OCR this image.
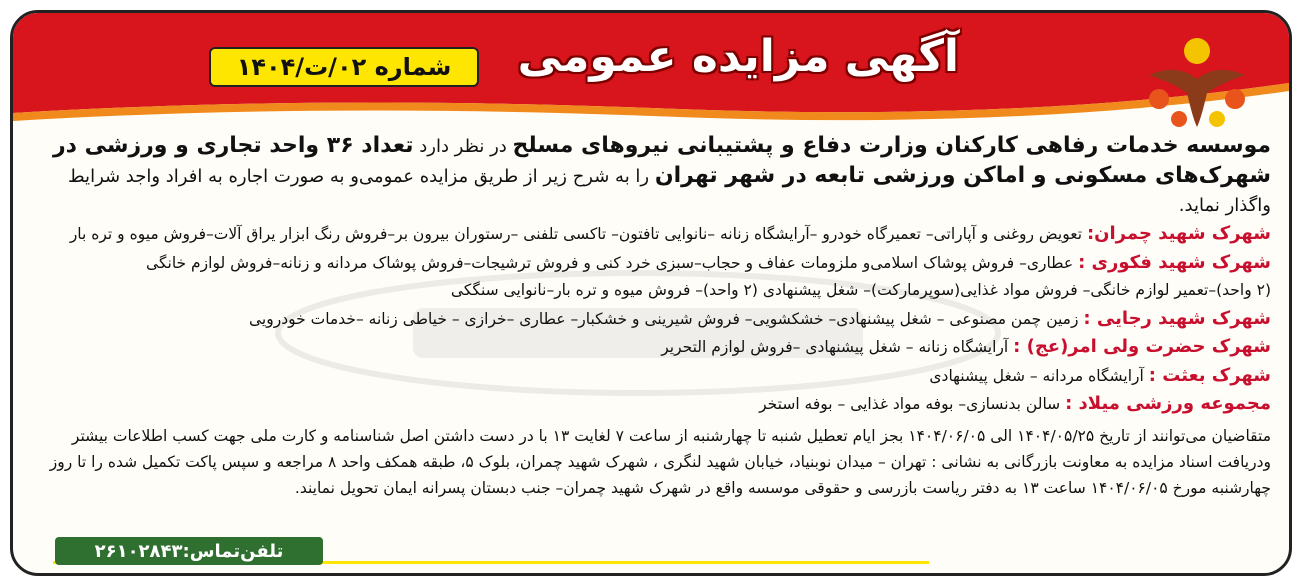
آگهی مزایده عمومی
شماره ۰۲/ت/۱۴۰۴

موسسه خدمات رفاهی کارکنان وزارت دفاع و پشتیبانی نیروهای مسلح در نظر دارد تعداد ۳۶ واحد تجاری و ورزشی در شهرک‌های مسکونی و اماکن ورزشی تابعه در شهر تهران را به شرح زیر از طریق مزایده عمومی‌و به صورت اجاره به افراد واجد شرایط واگذار نماید.

شهرک شهید چمران: تعویض روغنی و آپاراتی– تعمیرگاه خودرو –آرایشگاه زنانه –نانوایی تافتون– تاکسی تلفنی –رستوران بیرون بر–فروش رنگ ابزار یراق آلات–فروش میوه و تره بار

شهرک شهید فکوری : عطاری– فروش پوشاک اسلامی‌و ملزومات عفاف و حجاب–سبزی خرد کنی و فروش ترشیجات–فروش پوشاک مردانه و زنانه–فروش لوازم خانگی

(۲ واحد)–تعمیر لوازم خانگی– فروش مواد غذایی(سوپرمارکت)– شغل پیشنهادی (۲ واحد)– فروش میوه و تره بار–نانوایی سنگکی

شهرک شهید رجایی : زمین چمن مصنوعی – شغل پیشنهادی– خشکشویی– فروش شیرینی و خشکبار– عطاری –خرازی – خیاطی زنانه –خدمات خودرویی

شهرک حضرت ولی امر(عج) : آرایشگاه زنانه – شغل پیشنهادی –فروش لوازم التحریر

شهرک بعثت : آرایشگاه مردانه – شغل پیشنهادی

مجموعه ورزشی میلاد : سالن بدنسازی– بوفه مواد غذایی – بوفه استخر

متقاضیان می‌توانند از تاریخ ۱۴۰۴/۰۵/۲۵ الی ۱۴۰۴/۰۶/۰۵ بجز ایام تعطیل شنبه تا چهارشنبه از ساعت ۷ لغایت ۱۳ با در دست داشتن اصل شناسنامه و کارت ملی جهت کسب اطلاعات بیشتر ودریافت اسناد مزایده به معاونت بازرگانی به نشانی : تهران – میدان نوبنیاد، خیابان شهید لنگری ، شهرک شهید چمران، بلوک ۵، طبقه همکف واحد ۸ مراجعه و سپس پاکت تکمیل شده را تا روز چهارشنبه مورخ ۱۴۰۴/۰۶/۰۵ ساعت ۱۳ به دفتر ریاست بازرسی و حقوقی موسسه واقع در شهرک شهید چمران– جنب دبستان پسرانه ایمان تحویل نمایند.

تلفن‌تماس:۲۶۱۰۲۸۴۳
